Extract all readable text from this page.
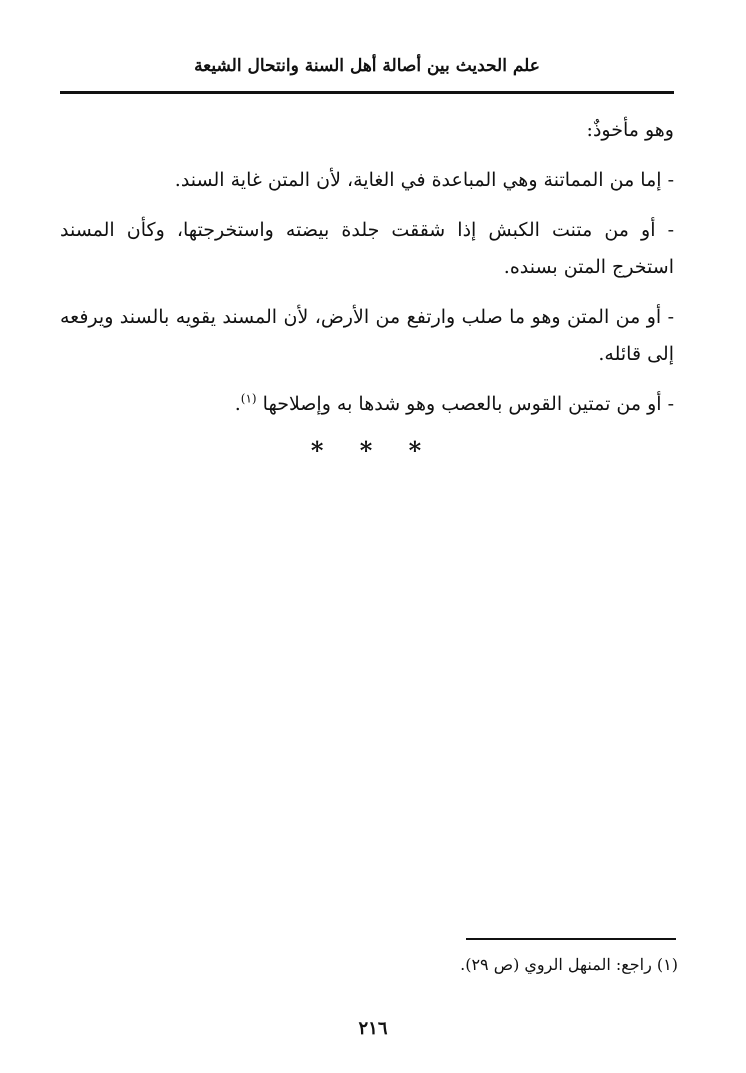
علم الحديث بين أصالة أهل السنة وانتحال الشيعة

وهو مأخوذٌ:

- إما من المماتنة وهي المباعدة في الغاية، لأن المتن غاية السند.

- أو من متنت الكبش إذا شققت جلدة بيضته واستخرجتها، وكأن المسند استخرج المتن بسنده.

- أو من المتن وهو ما صلب وارتفع من الأرض، لأن المسند يقويه بالسند ويرفعه إلى قائله.

- أو من تمتين القوس بالعصب وهو شدها به وإصلاحها $^{(١)}$.

* * *
(١) راجع: المنهل الروي (ص ٢٩).
٢١٦
